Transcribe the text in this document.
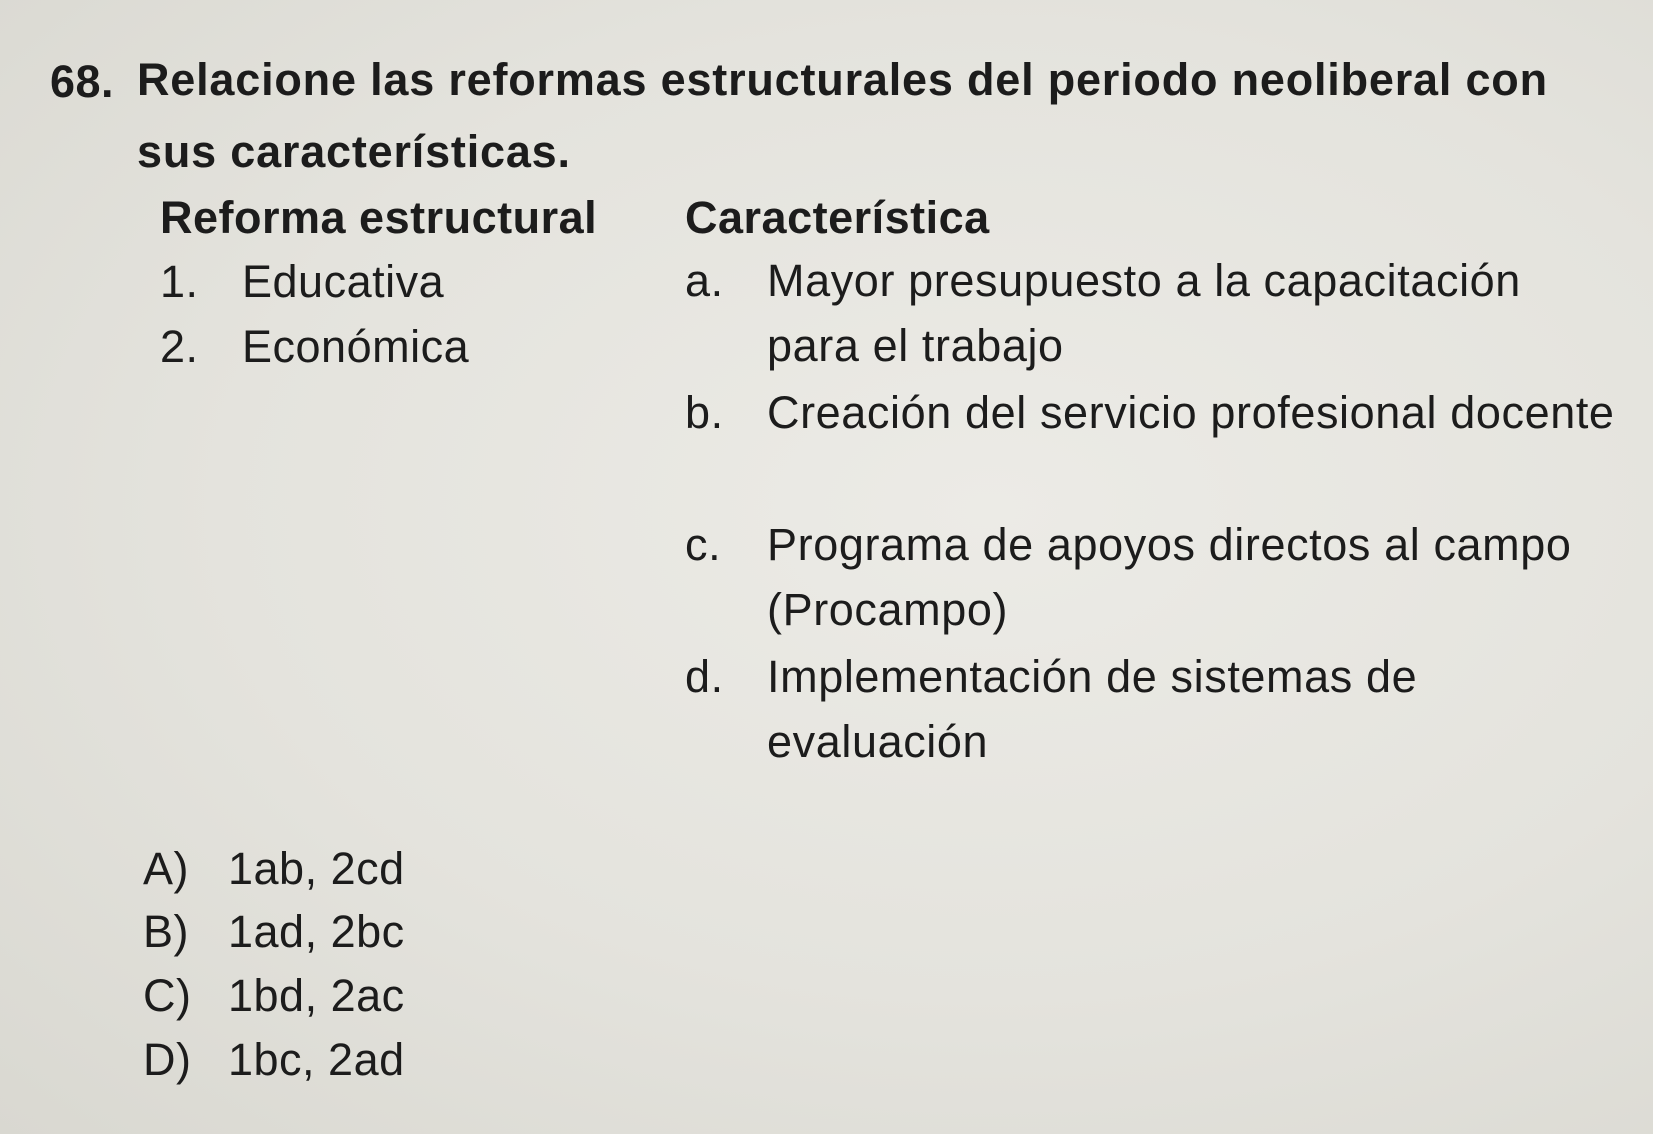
68. Relacione las reformas estructurales del periodo neoliberal con sus características.
Reforma estructural Característica
1. Educativa
2. Económica
a. Mayor presupuesto a la capacitación para el trabajo
b. Creación del servicio profesional docente
c. Programa de apoyos directos al campo (Procampo)
d. Implementación de sistemas de evaluación
A) 1ab, 2cd
B) 1ad, 2bc
C) 1bd, 2ac
D) 1bc, 2ad
